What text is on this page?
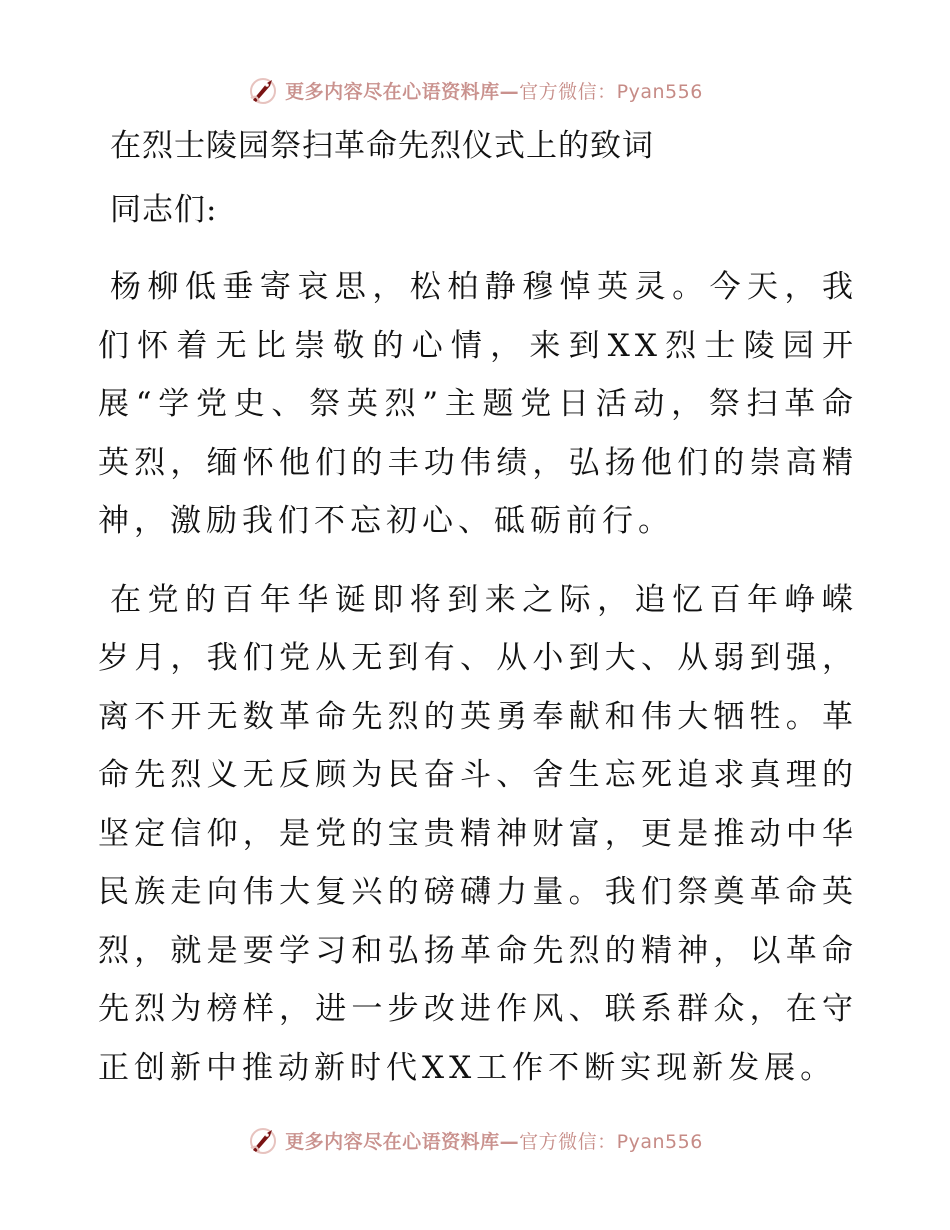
更多内容尽在心语资料库—官方微信：Pyan556
在烈士陵园祭扫革命先烈仪式上的致词

同志们:

杨柳低垂寄哀思，松柏静穆悼英灵。今天，我们怀着无比崇敬的心情，来到XX烈士陵园开展“学党史、祭英烈”主题党日活动，祭扫革命英烈，缅怀他们的丰功伟绩，弘扬他们的崇高精神，激励我们不忘初心、砥砺前行。

在党的百年华诞即将到来之际，追忆百年峥嵘岁月，我们党从无到有、从小到大、从弱到强，离不开无数革命先烈的英勇奉献和伟大牺牲。革命先烈义无反顾为民奋斗、舍生忘死追求真理的坚定信仰，是党的宝贵精神财富，更是推动中华民族走向伟大复兴的磅礴力量。我们祭奠革命英烈，就是要学习和弘扬革命先烈的精神，以革命先烈为榜样，进一步改进作风、联系群众，在守正创新中推动新时代XX工作不断实现新发展。

更多内容尽在心语资料库—官方微信：Pyan556
